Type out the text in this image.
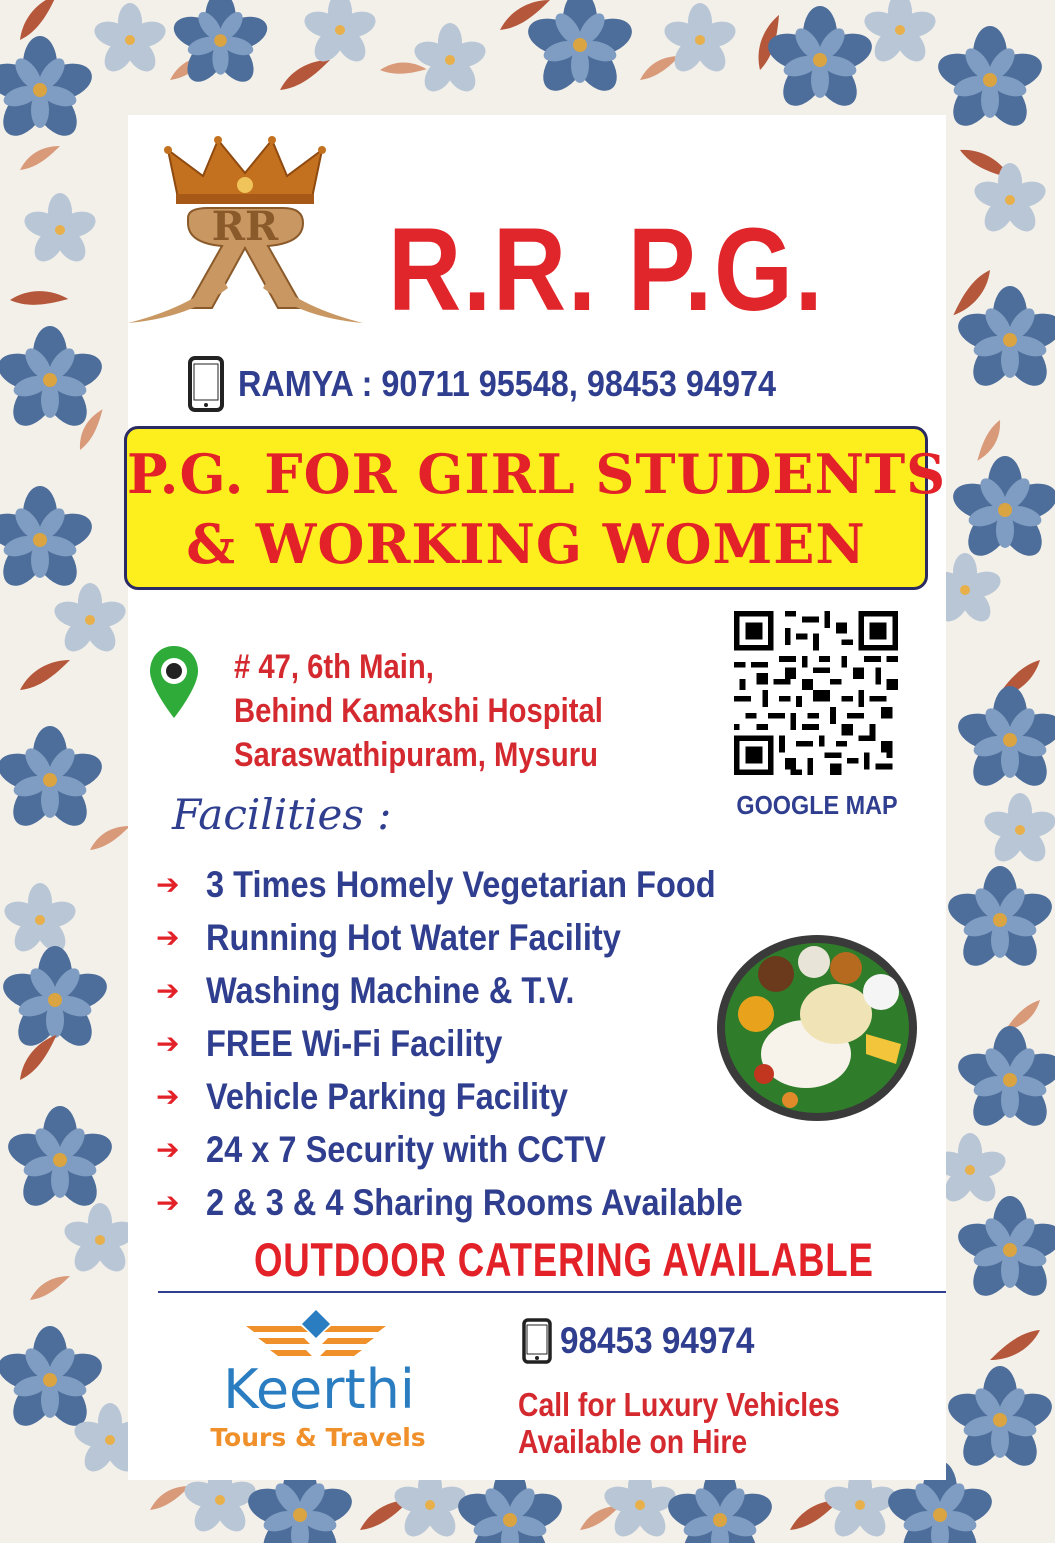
RR R.R. P.G.
RAMYA : 90711 95548, 98453 94974
P.G. FOR GIRL STUDENTS
& WORKING WOMEN
# 47, 6th Main,
Behind Kamakshi Hospital
Saraswathipuram, Mysuru
GOOGLE MAP
Facilities :
➔ 3 Times Homely Vegetarian Food
➔ Running Hot Water Facility
➔ Washing Machine & T.V.
➔ FREE Wi-Fi Facility
➔ Vehicle Parking Facility
➔ 24 x 7 Security with CCTV
➔ 2 & 3 & 4 Sharing Rooms Available
OUTDOOR CATERING AVAILABLE
Keerthi
Tours & Travels
98453 94974
Call for Luxury Vehicles
Available on Hire
